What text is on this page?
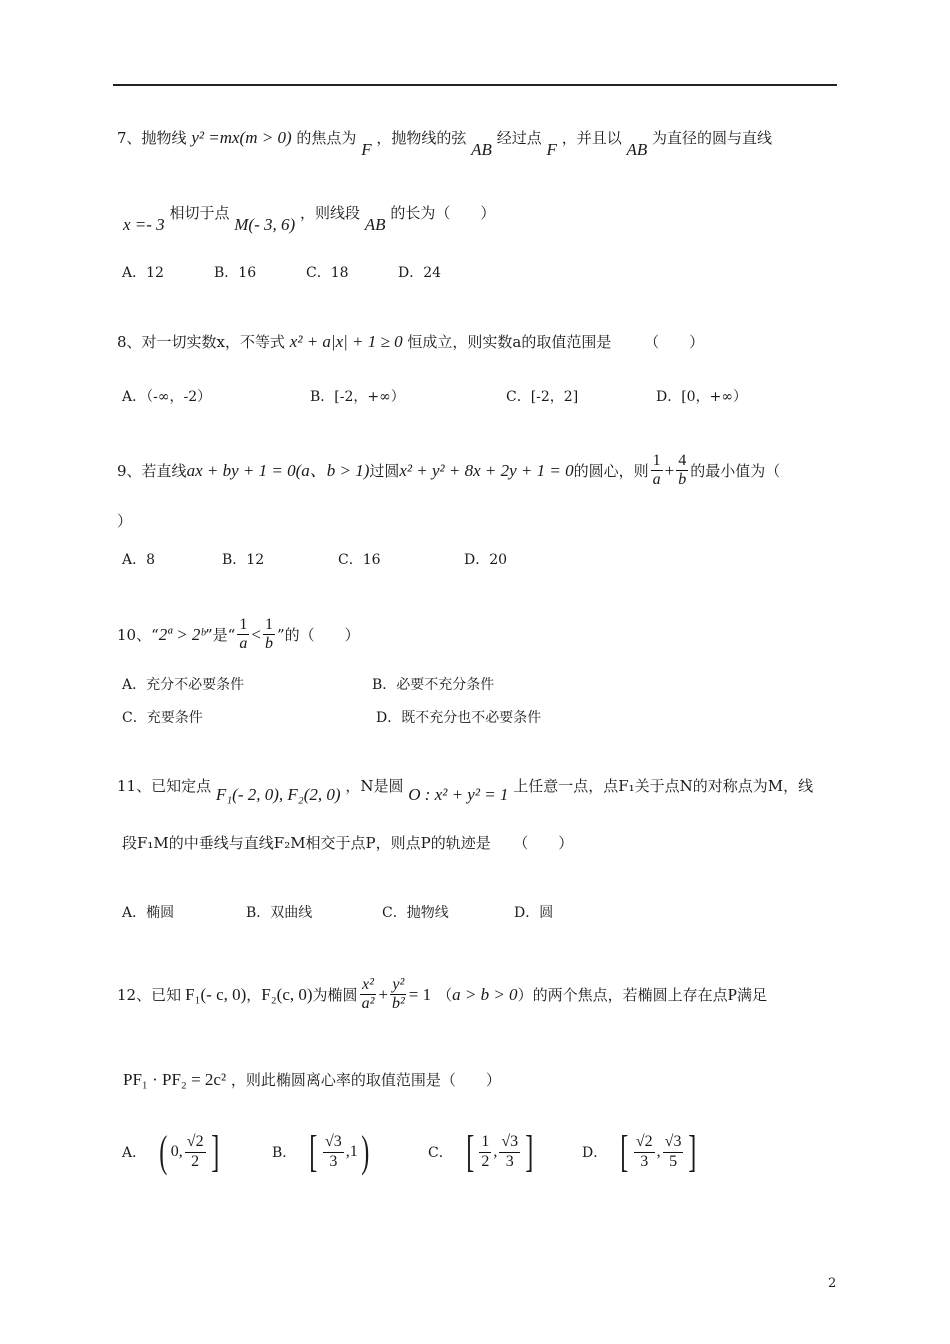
7、抛物线 y² =mx(m > 0) 的焦点为 F ，抛物线的弦 AB 经过点 F ，并且以 AB 为直径的圆与直线
x =- 3 相切于点 M(- 3, 6) ，则线段 AB 的长为（　　）
A．12	B．16	C．18	D．24
8、对一切实数x，不等式 x² + a|x| + 1 ≥ 0 恒成立，则实数a的取值范围是 （　　）
A．（-∞，-2）	B．[-2，+∞）	C．[-2，2]	D．[0，+∞）
9、 若直线 ax + by + 1 = 0(a、b > 1) 过圆 x² + y² + 8x + 2y + 1 = 0 的圆心，则 $\frac{1}{a} + \frac{4}{b}$ 的最小值为（
）
A．8	B．12	C．16	D．20
10、 “ 2ª > 2ᵇ ”是“ $\frac{1}{a} < \frac{1}{b}$ ”的（　　）
A．充分不必要条件	B．必要不充分条件
C．充要条件	D．既不充分也不必要条件
11、已知定点 F₁(- 2, 0), F₂(2, 0) ，N是圆 O : x² + y² = 1 上任意一点，点F₁关于点N的对称点为M，线
段F₁M的中垂线与直线F₂M相交于点P，则点P的轨迹是　　（　　）
A．椭圆	B．双曲线	C．抛物线	D．圆
12、 已知 F₁(- c, 0) ， F₂(c, 0) 为椭圆 $\frac{\text{x²}}{\text{a²}} + \frac{\text{y²}}{\text{b²}} = 1$ （ a > b > 0 ）的两个焦点，若椭圆上存在点 P 满足
PF₁ · PF₂ = 2c² ，则此椭圆离心率的取值范围是（　　）
A． ( 0, $\frac{√2}{2}$ ]	B． [ $\frac{√3}{3} ,1$ )	C． [ $\frac{1}{2}$ , $\frac{√3}{3}$ ]	D． [ $\frac{√2}{3}$ , $\frac{√3}{5}$ ]
2
